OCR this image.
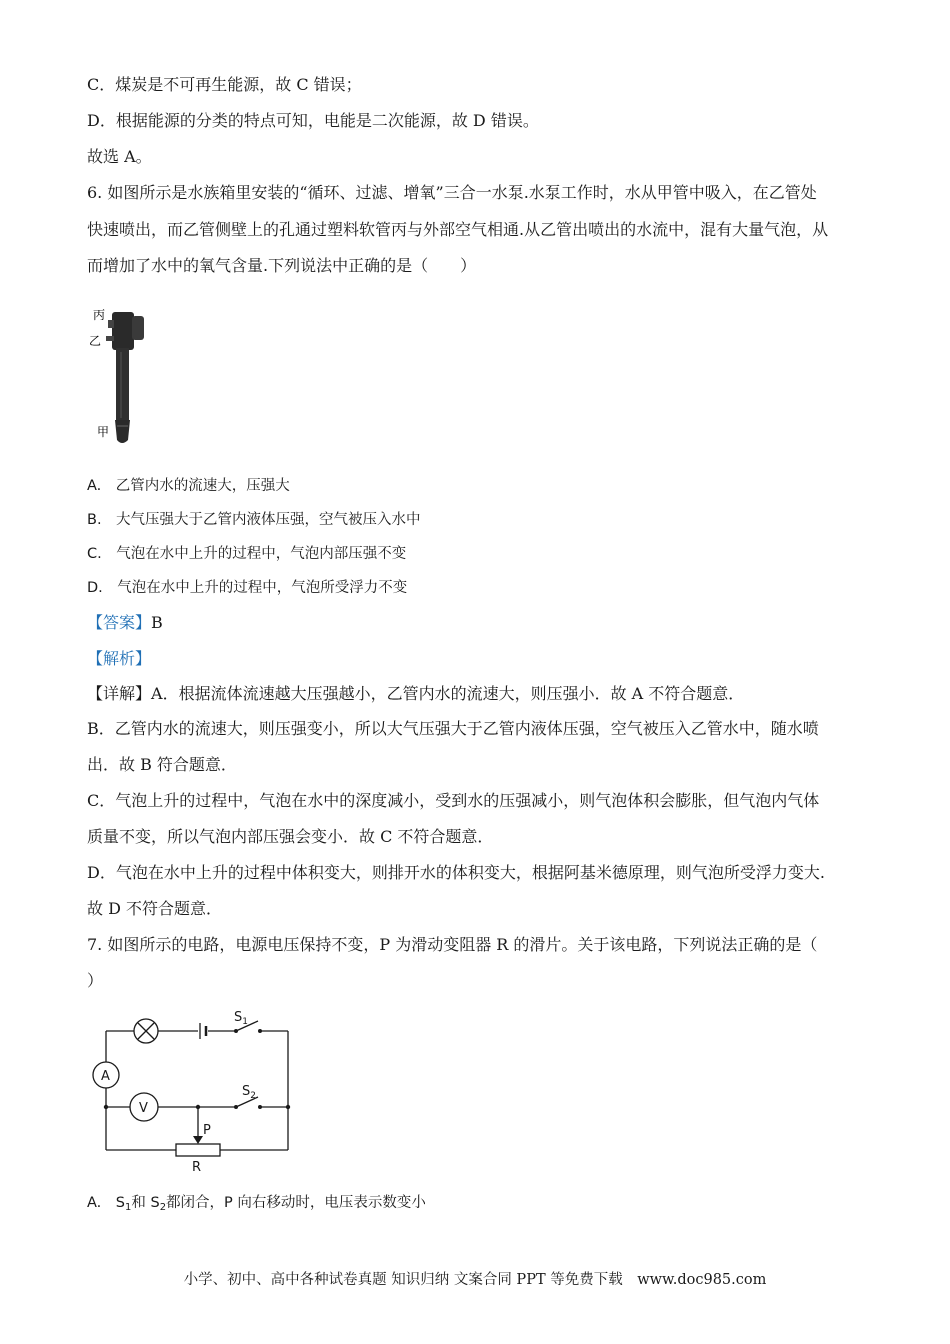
C．煤炭是不可再生能源，故 C 错误；
D．根据能源的分类的特点可知，电能是二次能源，故 D 错误。
故选 A。
6. 如图所示是水族箱里安装的“循环、过滤、增氧”三合一水泵.水泵工作时，水从甲管中吸入，在乙管处
快速喷出，而乙管侧壁上的孔通过塑料软管丙与外部空气相通.从乙管出喷出的水流中，混有大量气泡，从
而增加了水中的氧气含量.下列说法中正确的是（　　）
丙
乙
甲
A.　乙管内水的流速大，压强大
B.　大气压强大于乙管内液体压强，空气被压入水中
C.　气泡在水中上升的过程中，气泡内部压强不变
D.　气泡在水中上升的过程中，气泡所受浮力不变
【答案】B
【解析】
【详解】A．根据流体流速越大压强越小，乙管内水的流速大，则压强小．故 A 不符合题意．
B．乙管内水的流速大，则压强变小，所以大气压强大于乙管内液体压强，空气被压入乙管水中，随水喷
出．故 B 符合题意．
C．气泡上升的过程中，气泡在水中的深度减小，受到水的压强减小，则气泡体积会膨胀，但气泡内气体
质量不变，所以气泡内部压强会变小．故 C 不符合题意．
D．气泡在水中上升的过程中体积变大，则排开水的体积变大，根据阿基米德原理，则气泡所受浮力变大.
故 D 不符合题意．
7. 如图所示的电路，电源电压保持不变，P 为滑动变阻器 R 的滑片。关于该电路，下列说法正确的是（
）
$S_1$
$S_2$
A
V
P
R
A.　$S_1$和 $S_2$都闭合，P 向右移动时，电压表示数变小
小学、初中、高中各种试卷真题 知识归纳 文案合同 PPT 等免费下载　www.doc985.com
